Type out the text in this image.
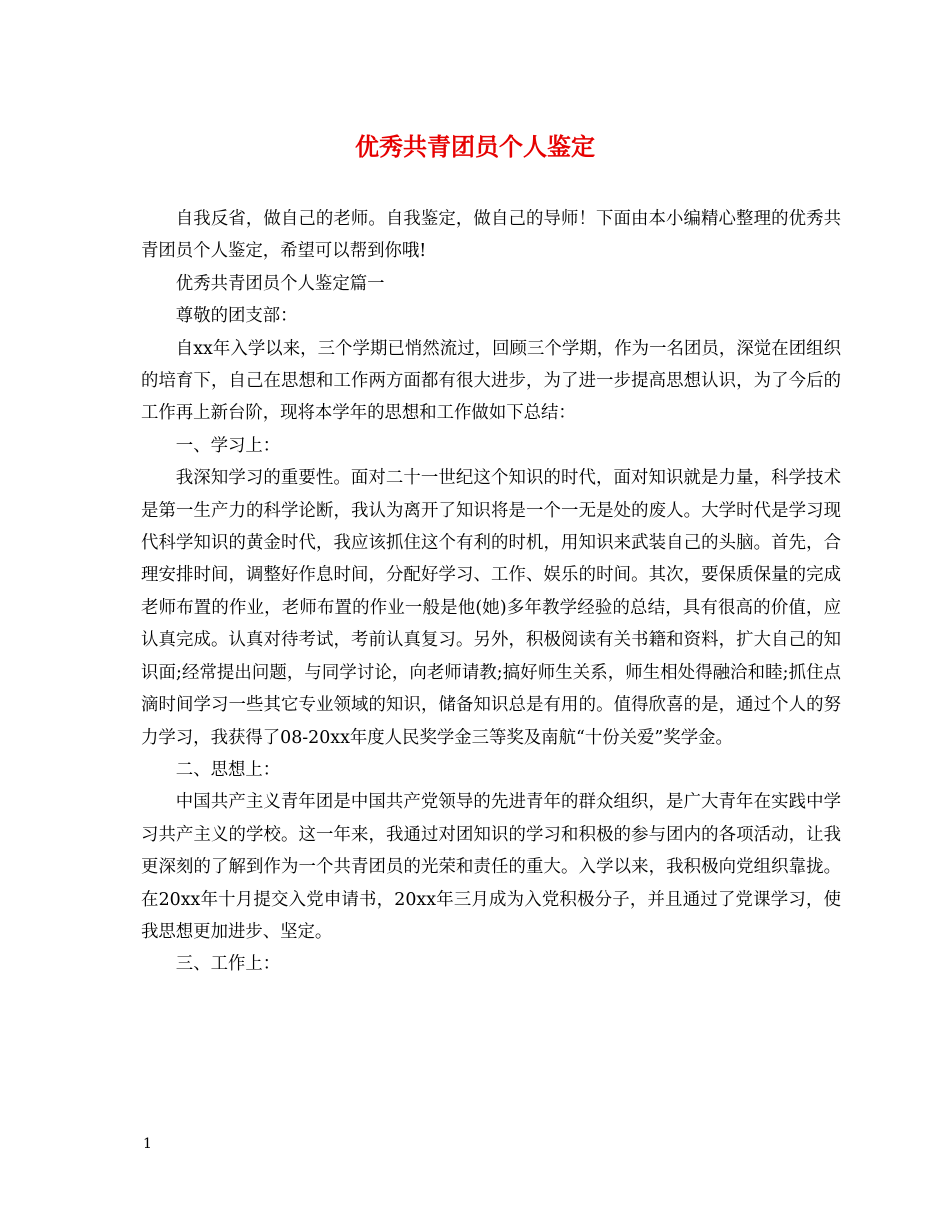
优秀共青团员个人鉴定

自我反省，做自己的老师。自我鉴定，做自己的导师！下面由本小编精心整理的优秀共青团员个人鉴定，希望可以帮到你哦!

优秀共青团员个人鉴定篇一

尊敬的团支部：

自xx年入学以来，三个学期已悄然流过，回顾三个学期，作为一名团员，深觉在团组织的培育下，自己在思想和工作两方面都有很大进步，为了进一步提高思想认识，为了今后的工作再上新台阶，现将本学年的思想和工作做如下总结：

一、学习上：

我深知学习的重要性。面对二十一世纪这个知识的时代，面对知识就是力量，科学技术是第一生产力的科学论断，我认为离开了知识将是一个一无是处的废人。大学时代是学习现代科学知识的黄金时代，我应该抓住这个有利的时机，用知识来武装自己的头脑。首先，合理安排时间，调整好作息时间，分配好学习、工作、娱乐的时间。其次，要保质保量的完成老师布置的作业，老师布置的作业一般是他(她)多年教学经验的总结，具有很高的价值，应认真完成。认真对待考试，考前认真复习。另外，积极阅读有关书籍和资料，扩大自己的知识面;经常提出问题，与同学讨论，向老师请教;搞好师生关系，师生相处得融洽和睦;抓住点滴时间学习一些其它专业领域的知识，储备知识总是有用的。值得欣喜的是，通过个人的努力学习，我获得了08-20xx年度人民奖学金三等奖及南航“十份关爱”奖学金。

二、思想上：

中国共产主义青年团是中国共产党领导的先进青年的群众组织，是广大青年在实践中学习共产主义的学校。这一年来，我通过对团知识的学习和积极的参与团内的各项活动，让我更深刻的了解到作为一个共青团员的光荣和责任的重大。入学以来，我积极向党组织靠拢。在20xx年十月提交入党申请书，20xx年三月成为入党积极分子，并且通过了党课学习，使我思想更加进步、坚定。

三、工作上：

1
